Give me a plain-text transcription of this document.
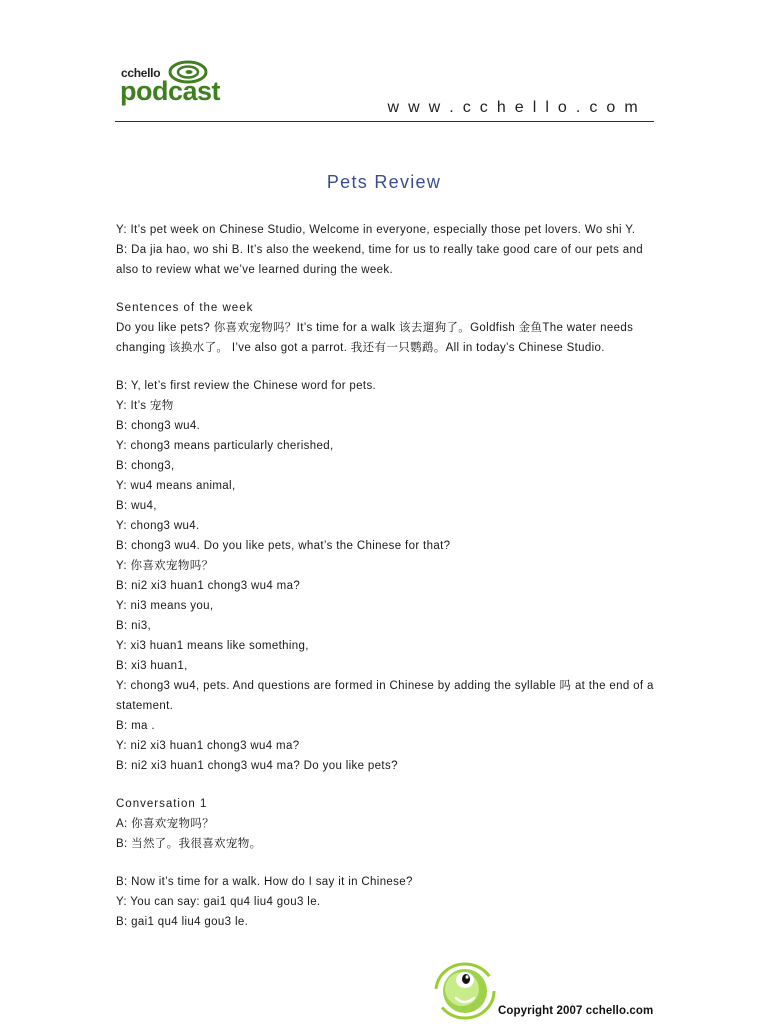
cchello
podcast
w w w . c c h e l l o . c o m
Pets Review

Y: It’s pet week on Chinese Studio, Welcome in everyone, especially those pet lovers. Wo shi Y.

B: Da jia hao, wo shi B. It’s also the weekend, time for us to really take good care of our pets and also to review what we’ve learned during the week.

Sentences of the week

Do you like pets? 你喜欢宠物吗？It’s time for a walk 该去遛狗了。Goldfish 金鱼The water needs changing 该换水了。 I’ve also got a parrot. 我还有一只鹦鹉。All in today’s Chinese Studio.

B: Y, let’s first review the Chinese word for pets.

Y: It’s 宠物

B: chong3 wu4.

Y: chong3 means particularly cherished,

B: chong3,

Y: wu4 means animal,

B: wu4,

Y: chong3 wu4.

B: chong3 wu4. Do you like pets, what’s the Chinese for that?

Y: 你喜欢宠物吗？

B: ni2 xi3 huan1 chong3 wu4 ma?

Y: ni3 means you,

B: ni3,

Y: xi3 huan1 means like something,

B: xi3 huan1,

Y: chong3 wu4, pets. And questions are formed in Chinese by adding the syllable 吗 at the end of a statement.

B: ma .

Y: ni2 xi3 huan1 chong3 wu4 ma?

B: ni2 xi3 huan1 chong3 wu4 ma? Do you like pets?

Conversation 1

A: 你喜欢宠物吗？

B: 当然了。我很喜欢宠物。

B: Now it’s time for a walk. How do I say it in Chinese?

Y: You can say: gai1 qu4 liu4 gou3 le.

B: gai1 qu4 liu4 gou3 le.

Copyright 2007 cchello.com
